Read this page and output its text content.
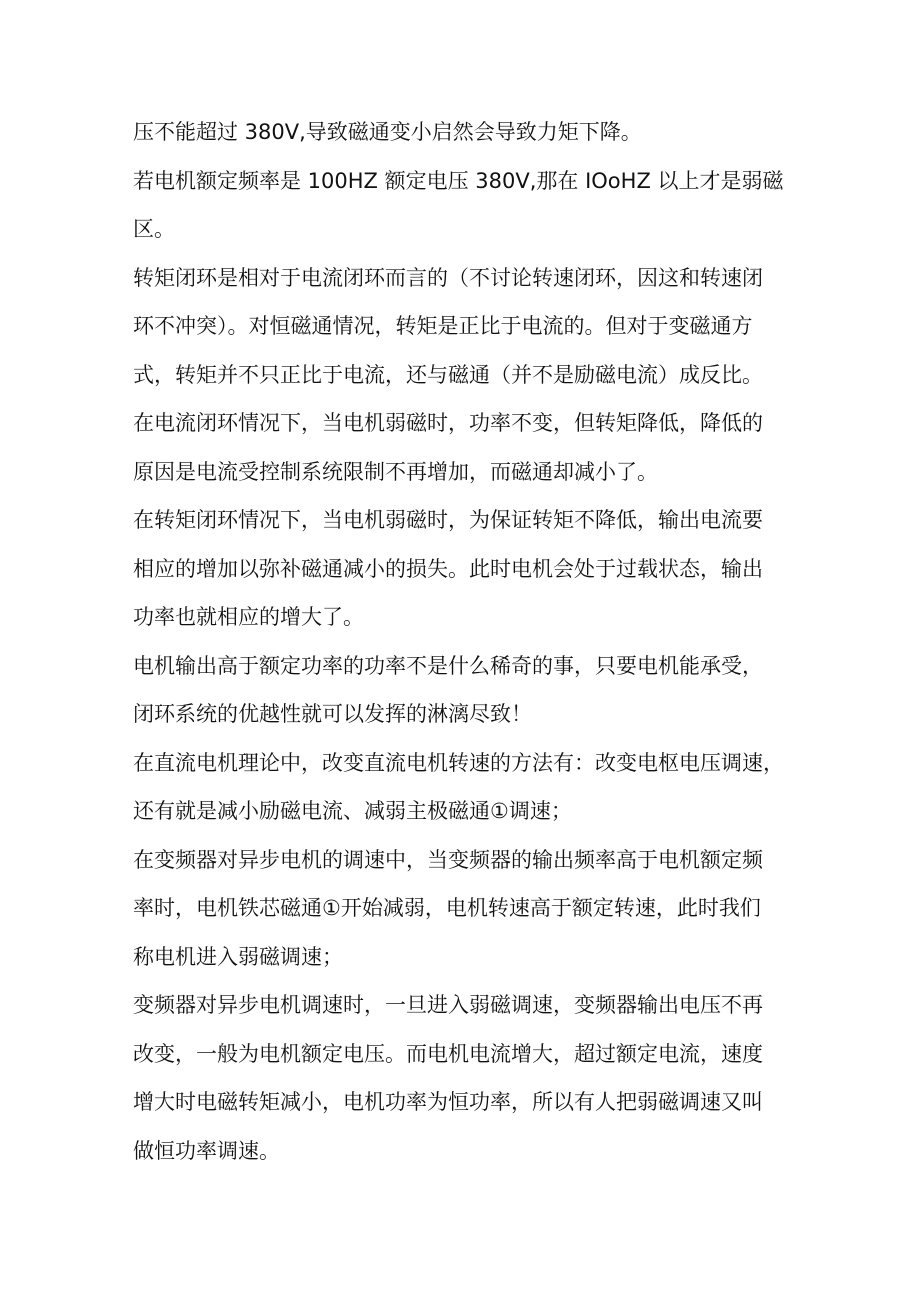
压不能超过 380V,导致磁通变小启然会导致力矩下降。

若电机额定频率是 100HZ 额定电压 380V,那在 IOoHZ 以上才是弱磁
区。

转矩闭环是相对于电流闭环而言的（不讨论转速闭环，因这和转速闭
环不冲突）。对恒磁通情况，转矩是正比于电流的。但对于变磁通方
式，转矩并不只正比于电流，还与磁通（并不是励磁电流）成反比。

在电流闭环情况下，当电机弱磁时，功率不变，但转矩降低，降低的
原因是电流受控制系统限制不再增加，而磁通却减小了。

在转矩闭环情况下，当电机弱磁时，为保证转矩不降低，输出电流要
相应的增加以弥补磁通减小的损失。此时电机会处于过载状态，输出
功率也就相应的增大了。

电机输出高于额定功率的功率不是什么稀奇的事，只要电机能承受，
闭环系统的优越性就可以发挥的淋漓尽致！

在直流电机理论中，改变直流电机转速的方法有：改变电枢电压调速，
还有就是减小励磁电流、减弱主极磁通①调速；

在变频器对异步电机的调速中，当变频器的输出频率高于电机额定频
率时，电机铁芯磁通①开始减弱，电机转速高于额定转速，此时我们
称电机进入弱磁调速；

变频器对异步电机调速时，一旦进入弱磁调速，变频器输出电压不再
改变，一般为电机额定电压。而电机电流增大，超过额定电流，速度
增大时电磁转矩减小，电机功率为恒功率，所以有人把弱磁调速又叫
做恒功率调速。
